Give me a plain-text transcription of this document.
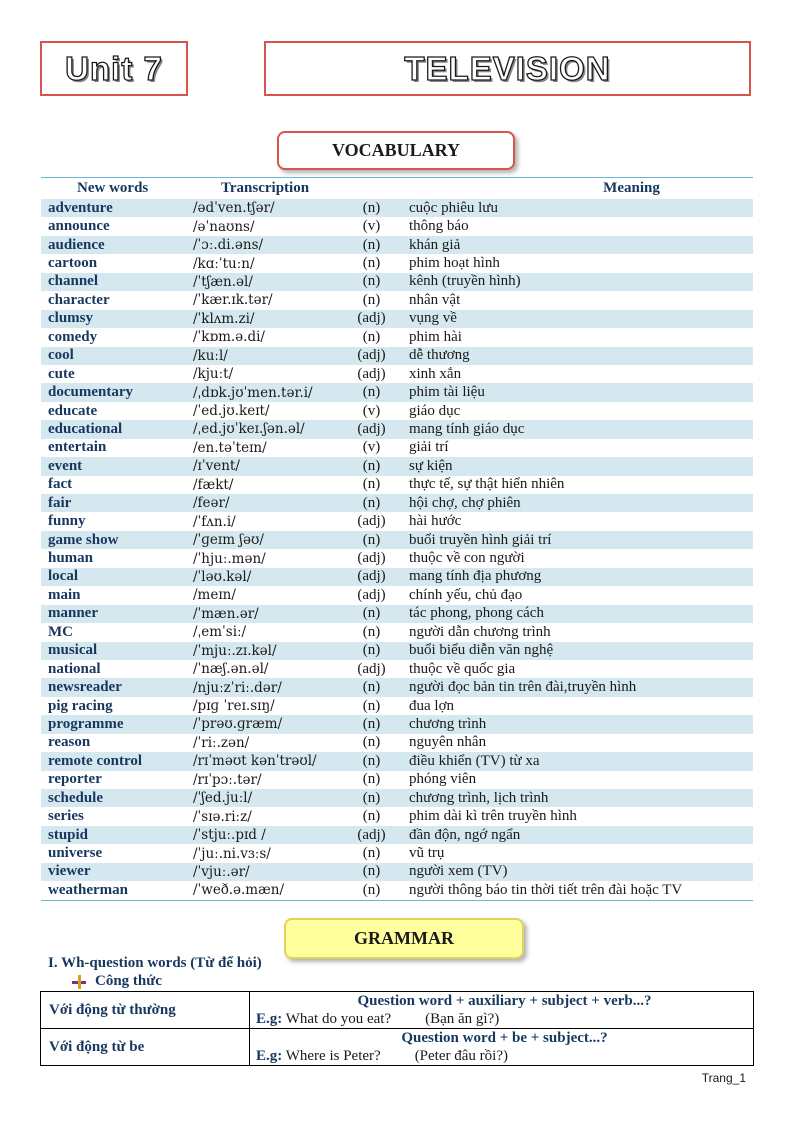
Unit 7	TELEVISION
VOCABULARY
New words	Transcription	Meaning
adventure	/ədˈven.tʃər/	(n)	cuộc phiêu lưu
announce	/əˈnaʊns/	(v)	thông báo
audience	/ˈɔː.di.əns/	(n)	khán giả
cartoon	/kɑːˈtuːn/	(n)	phim hoạt hình
channel	/ˈtʃæn.əl/	(n)	kênh (truyền hình)
character	/ˈkær.ɪk.tər/	(n)	nhân vật
clumsy	/ˈklʌm.zi/	(adj)	vụng về
comedy	/ˈkɒm.ə.di/	(n)	phim hài
cool	/kuːl/	(adj)	dễ thương
cute	/kjuːt/	(adj)	xinh xắn
documentary	/ˌdɒk.jʊˈmen.tər.i/	(n)	phim tài liệu
educate	/ˈed.jʊ.keɪt/	(v)	giáo dục
educational	/ˌed.jʊˈkeɪ.ʃən.əl/	(adj)	mang tính giáo dục
entertain	/en.təˈteɪn/	(v)	giải trí
event	/ɪˈvent/	(n)	sự kiện
fact	/fækt/	(n)	thực tế, sự thật hiển nhiên
fair	/feər/	(n)	hội chợ, chợ phiên
funny	/ˈfʌn.i/	(adj)	hài hước
game show	/ˈɡeɪm ʃəʊ/	(n)	buổi truyền hình giải trí
human	/ˈhjuː.mən/	(adj)	thuộc về con người
local	/ˈləʊ.kəl/	(adj)	mang tính địa phương
main	/meɪn/	(adj)	chính yếu, chủ đạo
manner	/ˈmæn.ər/	(n)	tác phong, phong cách
MC	/ˌemˈsiː/	(n)	người dẫn chương trình
musical	/ˈmjuː.zɪ.kəl/	(n)	buổi biểu diễn văn nghệ
national	/ˈnæʃ.ən.əl/	(adj)	thuộc về quốc gia
newsreader	/njuːzˈriː.dər/	(n)	người đọc bản tin trên đài,truyền hình
pig racing	/pɪɡ ˈreɪ.sɪŋ/	(n)	đua lợn
programme	/ˈprəʊ.ɡræm/	(n)	chương trình
reason	/ˈriː.zən/	(n)	nguyên nhân
remote control	/rɪˈməʊt kənˈtrəʊl/	(n)	điều khiển (TV) từ xa
reporter	/rɪˈpɔː.tər/	(n)	phóng viên
schedule	/ˈʃed.juːl/	(n)	chương trình, lịch trình
series	/ˈsɪə.riːz/	(n)	phim dài kì trên truyền hình
stupid	/ˈstjuː.pɪd /	(adj)	đần độn, ngớ ngẩn
universe	/ˈjuː.ni.vɜːs/	(n)	vũ trụ
viewer	/ˈvjuː.ər/	(n)	người xem (TV)
weatherman	/ˈweð.ə.mæn/	(n)	người thông báo tin thời tiết trên đài hoặc TV
GRAMMAR
I. Wh-question words (Từ để hỏi)
Công thức
Với động từ thường	Question word + auxiliary + subject + verb...?
E.g: What do you eat? (Bạn ăn gì?)

Với động từ be	Question word + be + subject...?
E.g: Where is Peter? (Peter đâu rồi?)
Trang_1
